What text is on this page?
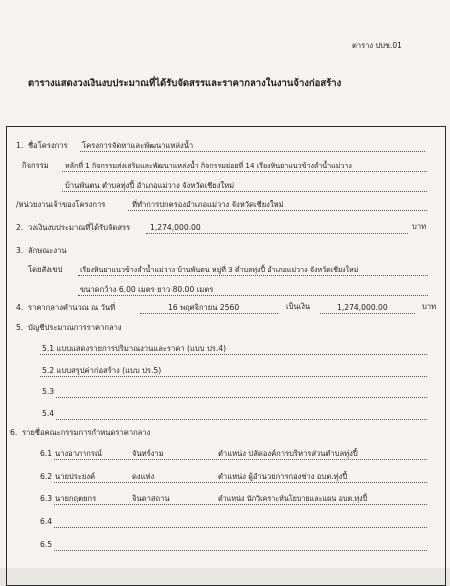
ตาราง ปปช.01
ตารางแสดงวงเงินงบประมาณที่ได้รับจัดสรรและราคากลางในงานจ้างก่อสร้าง
1. ชื่อโครงการ โครงการจัดหาและพัฒนาแหล่งน้ำ
กิจกรรม หลักที่ 1 กิจกรรมส่งเสริมและพัฒนาแหล่งน้ำ กิจกรรมย่อยที่ 14 เรียงหินยาแนวข้างลำน้ำแม่วาง
บ้านพันตน ตำบลทุ่งปี้ อำเภอแม่วาง จังหวัดเชียงใหม่
/หน่วยงานเจ้าของโครงการ	ที่ทำการปกครองอำเภอแม่วาง จังหวัดเชียงใหม่
2. วงเงินงบประมาณที่ได้รับจัดสรร	1,274,000.00	บาท
3. ลักษณะงาน
โดยสังเขป เรียงหินยาแนวข้างลำน้ำแม่วาง บ้านพันตน หมู่ที่ 3 ตำบลทุ่งปี้ อำเภอแม่วาง จังหวัดเชียงใหม่
ขนาดกว้าง 6.00 เมตร ยาว 80.00 เมตร
4. ราคากลางคำนวณ ณ วันที่	16 พฤศจิกายน 2560	เป็นเงิน	1,274,000.00	บาท
5. บัญชีประมาณการราคากลาง
5.1 แบบแสดงรายการปริมาณงานและราคา (แบบ ปร.4)
5.2 แบบสรุปค่าก่อสร้าง (แบบ ปร.5)
5.3
5.4
6. รายชื่อคณะกรรมการกำหนดราคากลาง
6.1 นางอาภากรณ์	จันทร์งาม	ตำแหน่ง ปลัดองค์การบริหารส่วนตำบลทุ่งปี้
6.2 นายประยงค์	ดงแห่ง	ตำแหน่ง ผู้อำนวยการกองช่าง อบต.ทุ่งปี้
6.3 นายกฤตยกร	จินดาสถาน	ตำแหน่ง นักวิเคราะห์นโยบายและแผน อบต.ทุ่งปี้
6.4
6.5
